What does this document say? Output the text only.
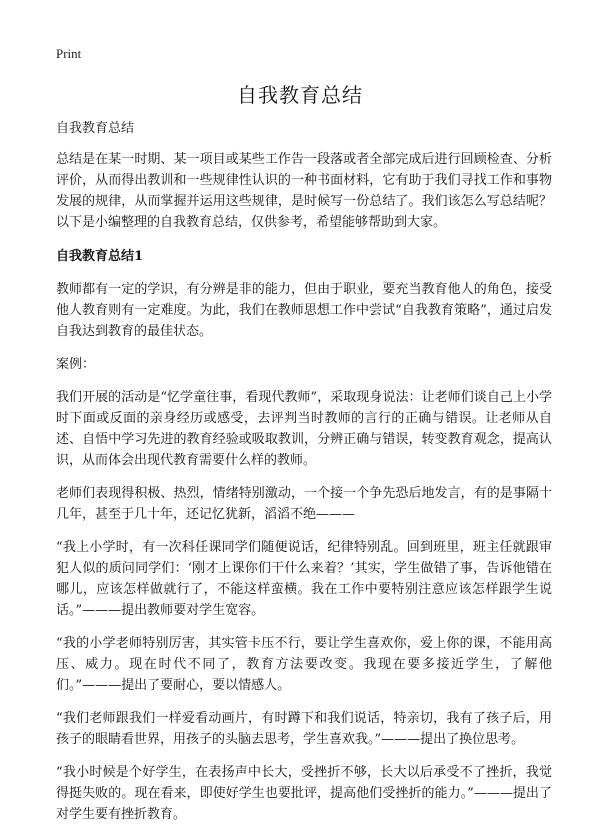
Print
自我教育总结

自我教育总结

总结是在某一时期、某一项目或某些工作告一段落或者全部完成后进行回顾检查、分析评价，从而得出教训和一些规律性认识的一种书面材料，它有助于我们寻找工作和事物发展的规律，从而掌握并运用这些规律，是时候写一份总结了。我们该怎么写总结呢？以下是小编整理的自我教育总结，仅供参考，希望能够帮助到大家。

自我教育总结1

教师都有一定的学识，有分辨是非的能力，但由于职业，要充当教育他人的角色，接受他人教育则有一定难度。为此，我们在教师思想工作中尝试“自我教育策略”，通过启发自我达到教育的最佳状态。

案例：

我们开展的活动是“忆学童往事，看现代教师”，采取现身说法：让老师们谈自己上小学时下面或反面的亲身经历或感受，去评判当时教师的言行的正确与错误。让老师从自述、自悟中学习先进的教育经验或吸取教训，分辨正确与错误，转变教育观念，提高认识，从而体会出现代教育需要什么样的教师。

老师们表现得积极、热烈，情绪特别激动，一个接一个争先恐后地发言，有的是事隔十几年，甚至于几十年，还记忆犹新，滔滔不绝———

“我上小学时，有一次科任课同学们随便说话，纪律特别乱。回到班里，班主任就跟审犯人似的质问同学们：‘刚才上课你们干什么来着？’其实，学生做错了事，告诉他错在哪儿，应该怎样做就行了，不能这样蛮横。我在工作中要特别注意应该怎样跟学生说话。”———提出教师要对学生宽容。

“我的小学老师特别厉害，其实管卡压不行，要让学生喜欢你，爱上你的课，不能用高压、威力。现在时代不同了，教育方法要改变。我现在要多接近学生，了解他们。”———提出了要耐心，要以情感人。

“我们老师跟我们一样爱看动画片，有时蹲下和我们说话，特亲切，我有了孩子后，用孩子的眼睛看世界，用孩子的头脑去思考，学生喜欢我。”———提出了换位思考。

“我小时候是个好学生，在表扬声中长大，受挫折不够，长大以后承受不了挫折，我觉得挺失败的。现在看来，即使好学生也要批评，提高他们受挫折的能力。”———提出了对学生要有挫折教育。
